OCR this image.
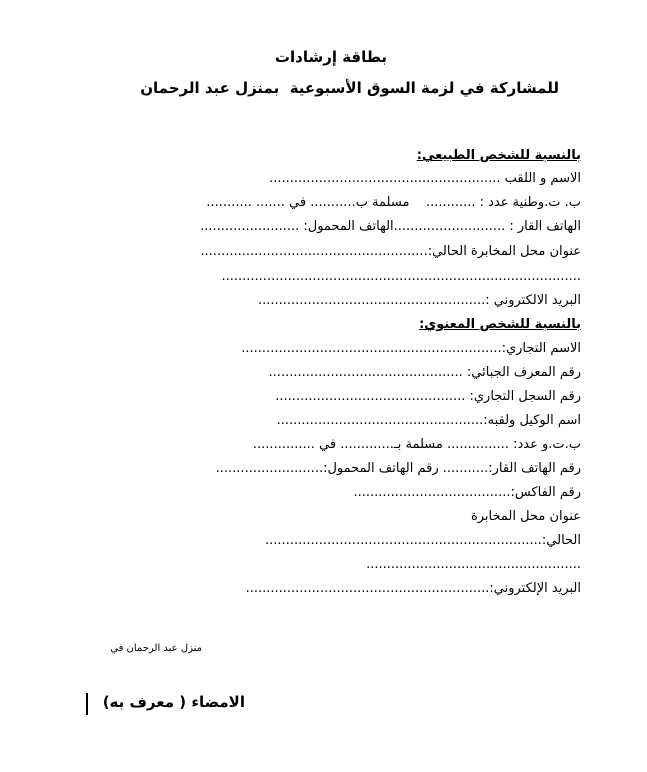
بطاقة إرشادات
للمشاركة في لزمة السوق الأسبوعية  بمنزل عبد الرحمان
بالنسبة للشخص الطبيعي:
الاسم و اللقب ........................................................
ب. ت.وطنية عدد : ............    مسلمة ب........... في ....... ...........
الهاتف القار : ...........................الهاتف المحمول: ........................
عنوان محل المخابرة الحالي:.......................................................
.......................................................................................
البريد الالكتروني :.......................................................
بالنسبة للشخص المعنوي:
الاسم التجاري:...............................................................
رقم المعرف الجبائي: ...............................................
رقم السجل التجاري: ..............................................
اسم الوكيل ولقبه:..................................................
ب.ت.و عدد: ............... مسلمة بـ............. في ...............
رقم الهاتف القار:........... رقم الهاتف المحمول:..........................
رقم الفاكس:......................................
عنوان محل المخابرة
الحالي:...................................................................
....................................................
البريد الإلكتروني:...........................................................
منزل عبد الرحمان في
الامضاء ( معرف به)
